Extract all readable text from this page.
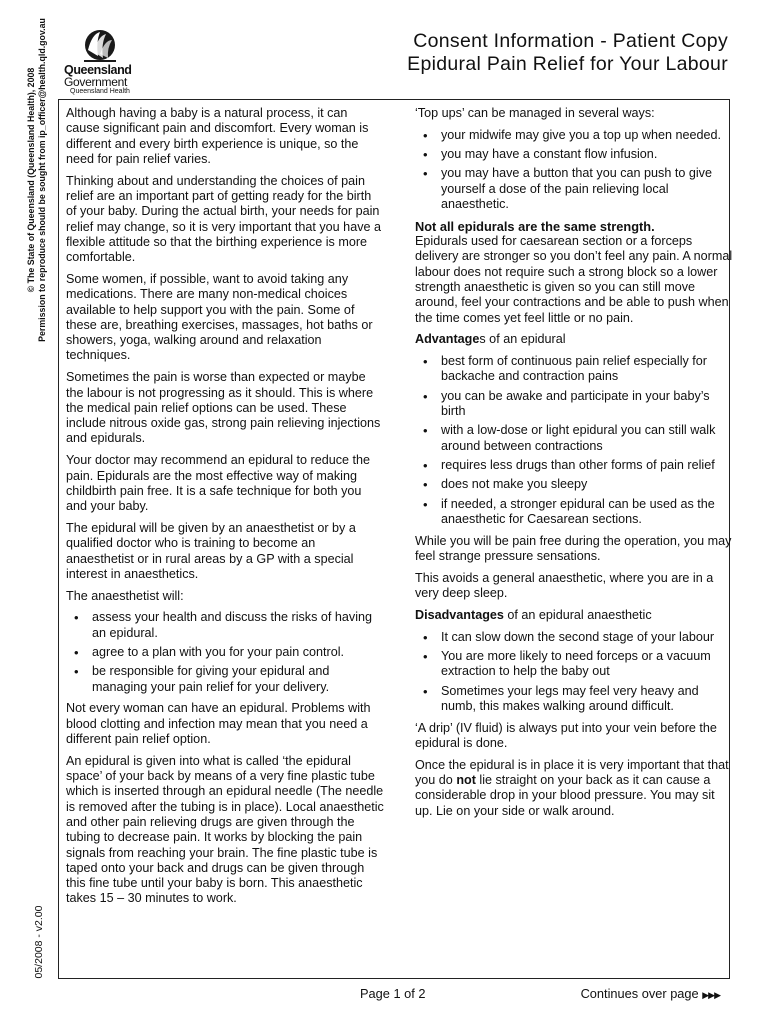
© The State of Queensland (Queensland Health), 2008 Permission to reproduce should be sought from ip_officer@health.qld.gov.au
05/2008 - v2.00
Queensland
Government
Queensland Health
Consent Information - Patient Copy
Epidural Pain Relief for Your Labour

Although having a baby is a natural process, it can cause significant pain and discomfort. Every woman is different and every birth experience is unique, so the need for pain relief varies.

Thinking about and understanding the choices of pain relief are an important part of getting ready for the birth of your baby. During the actual birth, your needs for pain relief may change, so it is very important that you have a flexible attitude so that the birthing experience is more comfortable.

Some women, if possible, want to avoid taking any medications. There are many non-medical choices available to help support you with the pain. Some of these are, breathing exercises, massages, hot baths or showers, yoga, walking around and relaxation techniques.

Sometimes the pain is worse than expected or maybe the labour is not progressing as it should. This is where the medical pain relief options can be used. These include nitrous oxide gas, strong pain relieving injections and epidurals.

Your doctor may recommend an epidural to reduce the pain. Epidurals are the most effective way of making childbirth pain free. It is a safe technique for both you and your baby.

The epidural will be given by an anaesthetist or by a qualified doctor who is training to become an anaesthetist or in rural areas by a GP with a special interest in anaesthetics.

The anaesthetist will:

• assess your health and discuss the risks of having an epidural.
• agree to a plan with you for your pain control.
• be responsible for giving your epidural and managing your pain relief for your delivery.

Not every woman can have an epidural. Problems with blood clotting and infection may mean that you need a different pain relief option.

An epidural is given into what is called ‘the epidural space’ of your back by means of a very fine plastic tube which is inserted through an epidural needle (The needle is removed after the tubing is in place). Local anaesthetic and other pain relieving drugs are given through the tubing to decrease pain. It works by blocking the pain signals from reaching your brain. The fine plastic tube is taped onto your back and drugs can be given through this fine tube until your baby is born. This anaesthetic takes 15 – 30 minutes to work.

‘Top ups’ can be managed in several ways:

• your midwife may give you a top up when needed.
• you may have a constant flow infusion.
• you may have a button that you can push to give yourself a dose of the pain relieving local anaesthetic.
Not all epidurals are the same strength.

Epidurals used for caesarean section or a forceps delivery are stronger so you don’t feel any pain. A normal labour does not require such a strong block so a lower strength anaesthetic is given so you can still move around, feel your contractions and be able to push when the time comes yet feel little or no pain.

Advantages of an epidural

• best form of continuous pain relief especially for backache and contraction pains
• you can be awake and participate in your baby’s birth
• with a low-dose or light epidural you can still walk around between contractions
• requires less drugs than other forms of pain relief
• does not make you sleepy
• if needed, a stronger epidural can be used as the anaesthetic for Caesarean sections.

While you will be pain free during the operation, you may feel strange pressure sensations.

This avoids a general anaesthetic, where you are in a very deep sleep.

Disadvantages of an epidural anaesthetic

• It can slow down the second stage of your labour
• You are more likely to need forceps or a vacuum extraction to help the baby out
• Sometimes your legs may feel very heavy and numb, this makes walking around difficult.

‘A drip’ (IV fluid) is always put into your vein before the epidural is done.

Once the epidural is in place it is very important that that you do not lie straight on your back as it can cause a considerable drop in your blood pressure. You may sit up. Lie on your side or walk around.

Page 1 of 2	Continues over page ▶▶▶
